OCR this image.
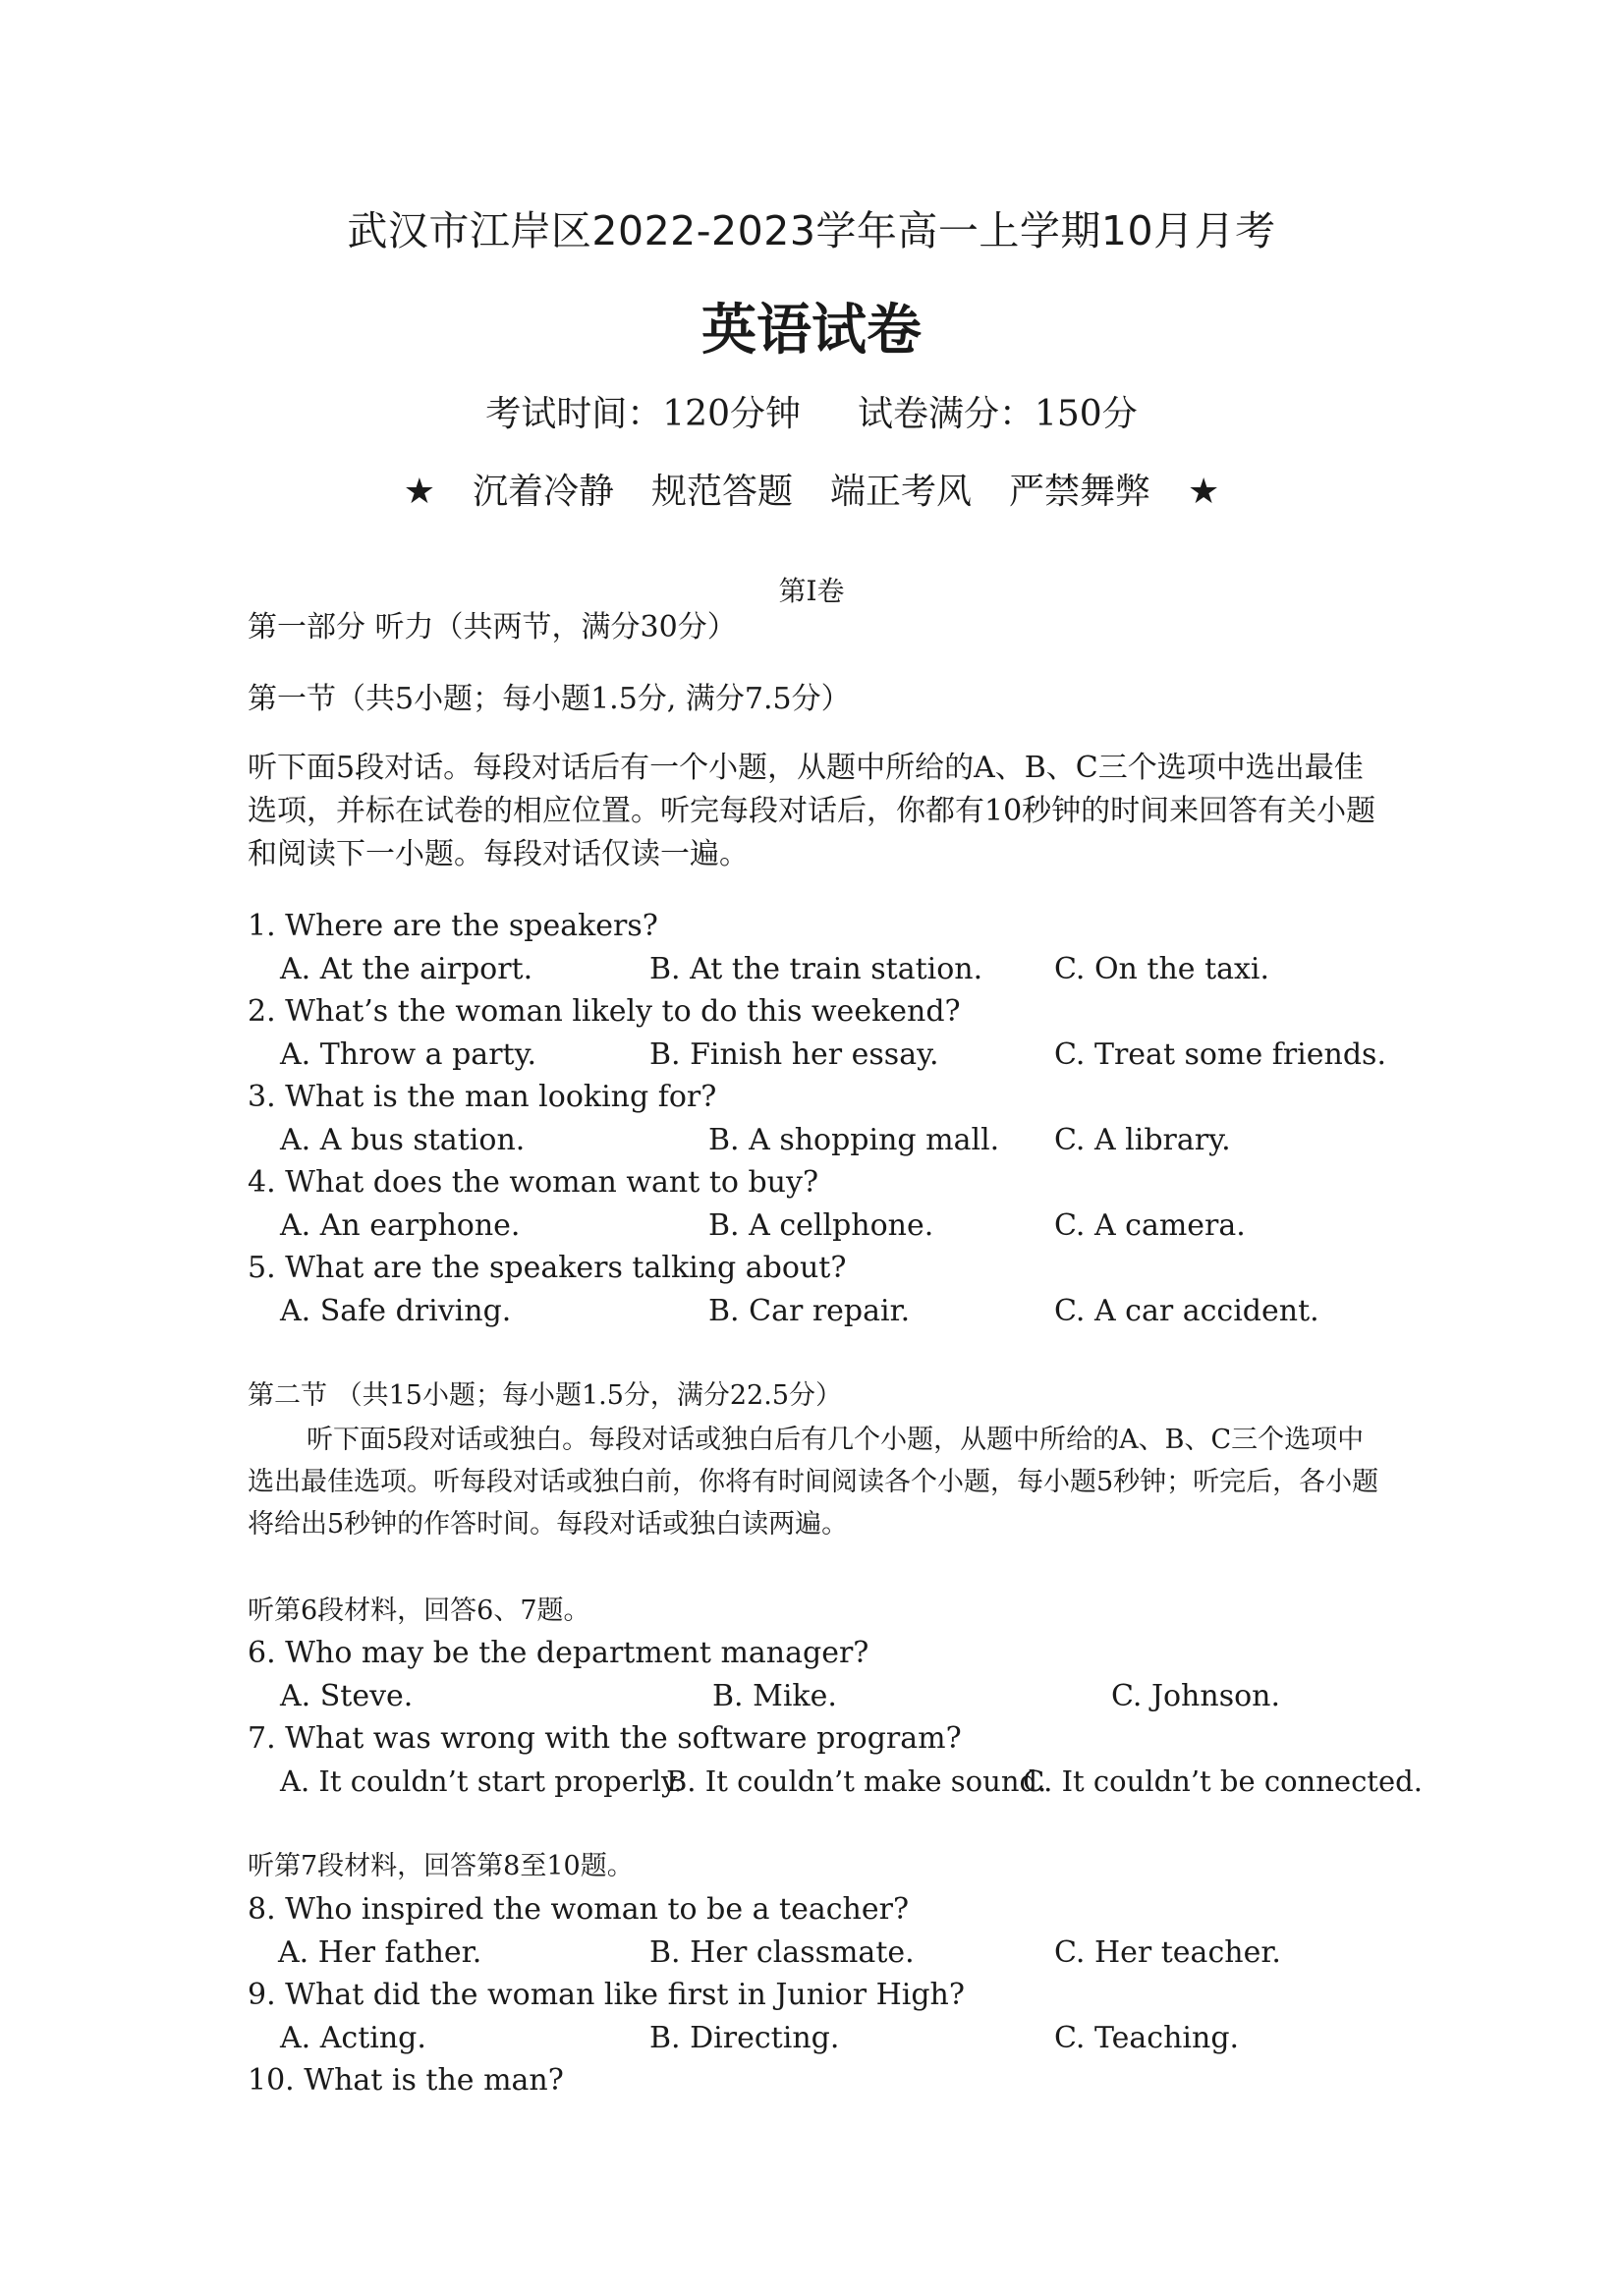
武汉市江岸区2022-2023学年高一上学期10月月考
英语试卷
考试时间：120分钟 试卷满分：150分
★ 沉着冷静 规范答题 端正考风 严禁舞弊 ★
第Ⅰ卷
第一部分 听力（共两节，满分30分）
第一节（共5小题；每小题1.5分, 满分7.5分）
听下面5段对话。每段对话后有一个小题，从题中所给的A、B、C三个选项中选出最佳选项，并标在试卷的相应位置。听完每段对话后，你都有10秒钟的时间来回答有关小题和阅读下一小题。每段对话仅读一遍。
1. Where are the speakers?
A. At the airport.	B. At the train station. C. On the taxi.
2. What’s the woman likely to do this weekend?
A. Throw a party.	B. Finish her essay.	C. Treat some friends.
3. What is the man looking for?
A. A bus station.	B. A shopping mall. C. A library.
4. What does the woman want to buy?
A. An earphone.	B. A cellphone.	C. A camera.
5. What are the speakers talking about?
A. Safe driving.	B. Car repair.	C. A car accident.
第二节 （共15小题；每小题1.5分，满分22.5分）
听下面5段对话或独白。每段对话或独白后有几个小题，从题中所给的A、B、C三个选项中选出最佳选项。听每段对话或独白前，你将有时间阅读各个小题，每小题5秒钟；听完后，各小题将给出5秒钟的作答时间。每段对话或独白读两遍。
听第6段材料，回答6、7题。
6. Who may be the department manager?
A. Steve.	B. Mike.	C. Johnson.
7. What was wrong with the software program?
A. It couldn’t start properly.
B. It couldn’t make sound.
C. It couldn’t be connected.
听第7段材料，回答第8至10题。
8. Who inspired the woman to be a teacher?
A. Her father.	B. Her classmate.	C. Her teacher.
9. What did the woman like first in Junior High?
A. Acting.	B. Directing.	C. Teaching.
10. What is the man?
